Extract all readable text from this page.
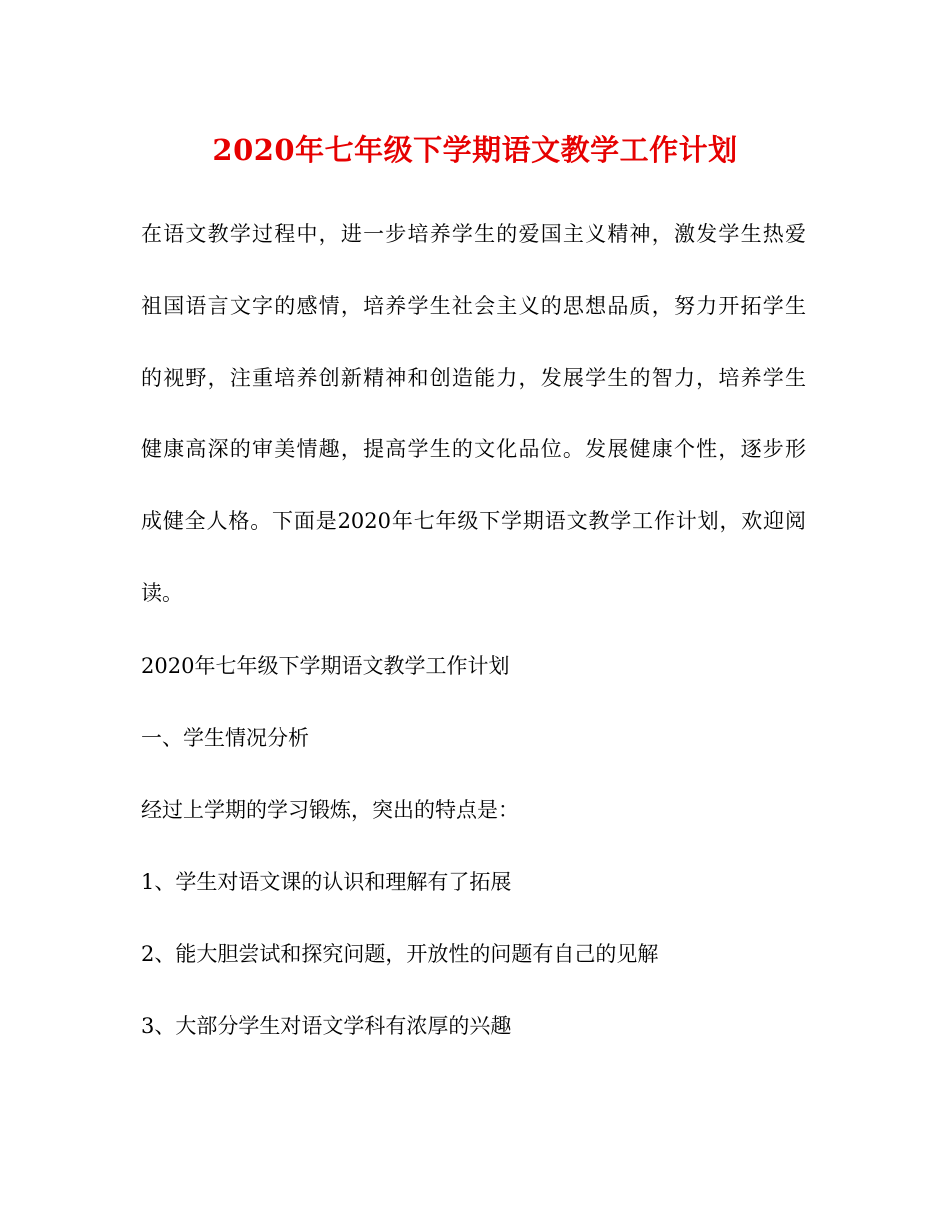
2020年七年级下学期语文教学工作计划

在语文教学过程中，进一步培养学生的爱国主义精神，激发学生热爱

祖国语言文字的感情，培养学生社会主义的思想品质，努力开拓学生

的视野，注重培养创新精神和创造能力，发展学生的智力，培养学生

健康高深的审美情趣，提高学生的文化品位。发展健康个性，逐步形

成健全人格。下面是2020年七年级下学期语文教学工作计划，欢迎阅

读。

2020年七年级下学期语文教学工作计划

一、学生情况分析

经过上学期的学习锻炼，突出的特点是：

1、学生对语文课的认识和理解有了拓展

2、能大胆尝试和探究问题，开放性的问题有自己的见解

3、大部分学生对语文学科有浓厚的兴趣
